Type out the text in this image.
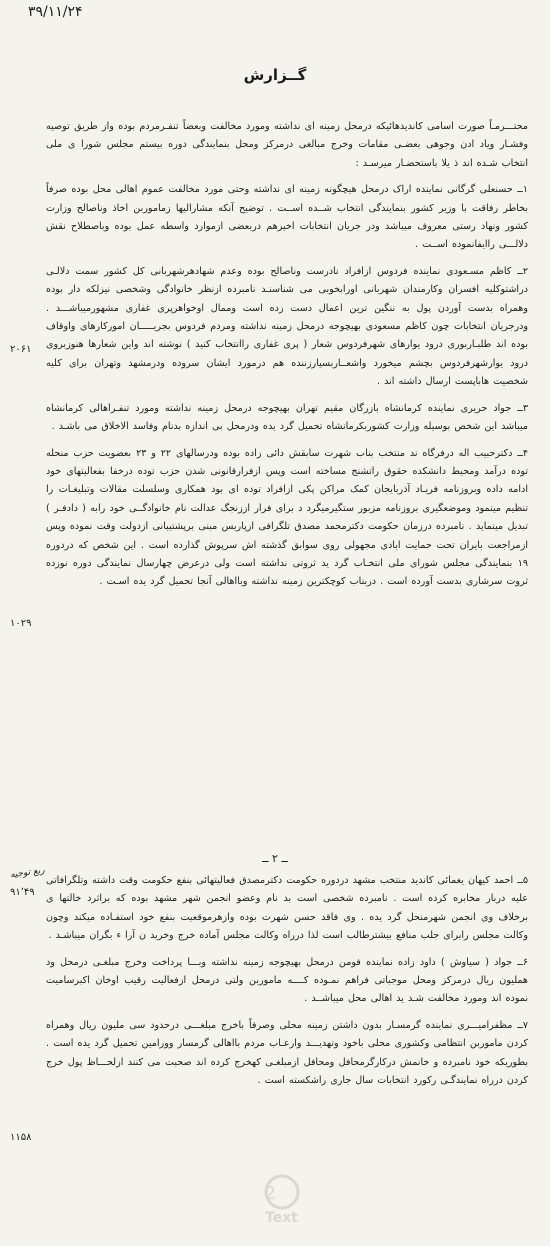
۳۹/۱۱/۲۴
گــزارش

محتـــرمـاً صورت اسامی کاندیدهائیکه درمحل زمینه ای نداشته ومورد مخالفت وبعضاً تنفـرمردم بوده واز طریق توصیه وفشـار ویاد ادن وجوهی بعضـی مقامات وخرج مبالغی درمرکز ومحل بنمایندگی دوره بیستم مجلس شورا ی ملی انتخاب شـده اند ذ یلا باستحضـار میرسـد :

۱ــ حسنعلی گرگانی نماینده اراک درمحل هیچگونه زمینه ای نداشته وحتی مورد مخالفت عموم اهالی محل بوده صرفاً بخاطر رفاقت با وزیر کشور بنمایندگی انتخاب شــده اســت . توضیح آنکه مشارالیها زماموربن اخاذ وناصالح وزارت کشور ونهاد رستی معروف میباشد ودر جریان انتخابات اخیرهم دربعضی ازموارد واسطه عمل بوده وباصطلاح نقش دلالـــی راایفانموده اســت .

۲ــ کاظم مسـعودی نماینده فردوس ازافراد نادرست وناصالح بوده وعدم شهادهرشهربانی کل کشور سمت دلالـی دراشتوکلیه افسران وکارمندان شهربانی اورابخوبی می شناسنـد نامبرده ازنظر خانوادگی وشخصی نیزلکه دار بوده وهمراه بدست آوردن پول به ننگین ترین اعمال دست زده است وممال اوخواهرپری غفاری مشهورمیباشـــد . ودرجریان انتخابات چون کاظم مسعودی بهیچوجه درمحل زمینه نداشته ومردم فردوس بجریـــــان امورکارهای واوقاف بوده اند طلبـاربوری درود یوارهای شهرفردوس شعار ( پری غفاری راانتخاب کنید ) نوشته اند واین شعارها هنوزبروی درود یوارشهرفردوس بچشم میخورد واشعــاربسیارزننده هم درمورد ایشان سروده ودرمشهد وتهران برای کلیه شخصیت هاباپست ارسال داشته اند .

۳ــ جواد حریری نماینده کرمانشاه بازرگان مقیم تهران بهیچوجه درمحل زمینه نداشته ومورد تنفـراهالی کرمانشاه میباشد این شخص بوسیله وزارت کشوربکرمانشاه تحمیل گرد یده ودرمحل بی اندازه بدنام وفاسد الاخلاق می باشـد .

۴ــ دکترحبیب اله درفرگاه ند منتخب بناب شهرت سابقش دائی زاده بوده ودرسالهای ۲۲ و ۲۳ بعضویت حزب منحله توده درآمد ومحیط دانشکده حقوق راتشنج مساخته است وپس ازفرارقانونی شدن حزب توده درخفا بفعالیتهای خود ادامه داده وبروزنامه فریـاد آذربایجان کمک مراکن پکی ازافراد توده ای بود همکاری وسلسلت مقالات وتبلیغـات را تنظیم مینمود وموضعگیری بروزنامه مزبور ستگیرمیگرد د برای فرار اززنجگ عدالت نام خانوادگــی خود رابه ( دادفـر ) تبدیل مینماید . نامبرده درزمان حکومت دکترمحمد مصدق تلگرافی ازپاریس مبنی برپشتیبانی ازدولت وقت نموده وپس ازمراجعت بایران تحت حمایت ابادی مجهولی روی سوابق گذشته اش سرپوش گذارده است . این شخص که دردوره ۱۹ بنمایندگی مجلس شورای ملی انتخـاب گرد ید ثروتی نداشته است ولی درعرض چهارسال نمایندگی دوره نوزده ثروت سرشاری بدست آورده است . دربناب کوچکترین زمینه نداشته وبااهالی آنجا تحمیل گرد یده اسـت .

ــ ۲ ــ

۵ــ احمد کیهان یغمائی کاندید منتخب مشهد دردوره حکومت دکترمصدق فعالیتهائی بنفع حکومت وقت داشته وتلگرافاتی علیه دربار مخابره کرده است . نامبرده شخصی است بد نام وعضو انجمن شهر مشهد بوده که براثرد خالتها ی برخلاف وی انجمن شهرمنحل گرد یده . وی فاقد حسن شهرت بوده وازهرموقعیت بنفع خود استفـاده میکند وچون وکالت مجلس رابرای جلب منافع بیشترطالب است لذا درراه وکالت مجلس آماده خرج وخرید ن آرا ء بگران میباشـد .

۶ــ جواد ( سیاوش ) داود زاده نماینده فومن درمحل بهیچوجه زمینه نداشته وبـــا پرداخت وخرج مبلغـی درمحل ود هملیون ریال درمرکز ومحل موجباتی فراهم نمـوده کــــه ماموربن ولتی درمحل ازفعالیت رقیب اوخان اکبرسامیت نموده اند ومورد مخالفت شـد ید اهالی محل میباشــد .

۷ــ مظفرامیـــری نماینده گرمسـار بدون داشتن زمینه محلی وصرفاً باخرج مبلغـــی درحدود سی ملیون ریال وهمراه کردن ماموربن انتظامی وکشوری محلی باخود وتهدیـــد وارعـاب مردم بااهالی گرمسار وورامین تحمیل گرد یده است . بطوریکه خود نامبرده و خانمش درکارگرمحافل ومحافل ازمبلغـی کهخرج کرده اند صحبت می کنند ازلحـــاظ پول خرج کردن درراه نمایندگـی رکورد انتخابات سال جاری راشکسته است .

۲۰۶۱
۱۰۲۹
ربع توجیه
۹۱٬۴۹
۱۱۵۸
2
Text
